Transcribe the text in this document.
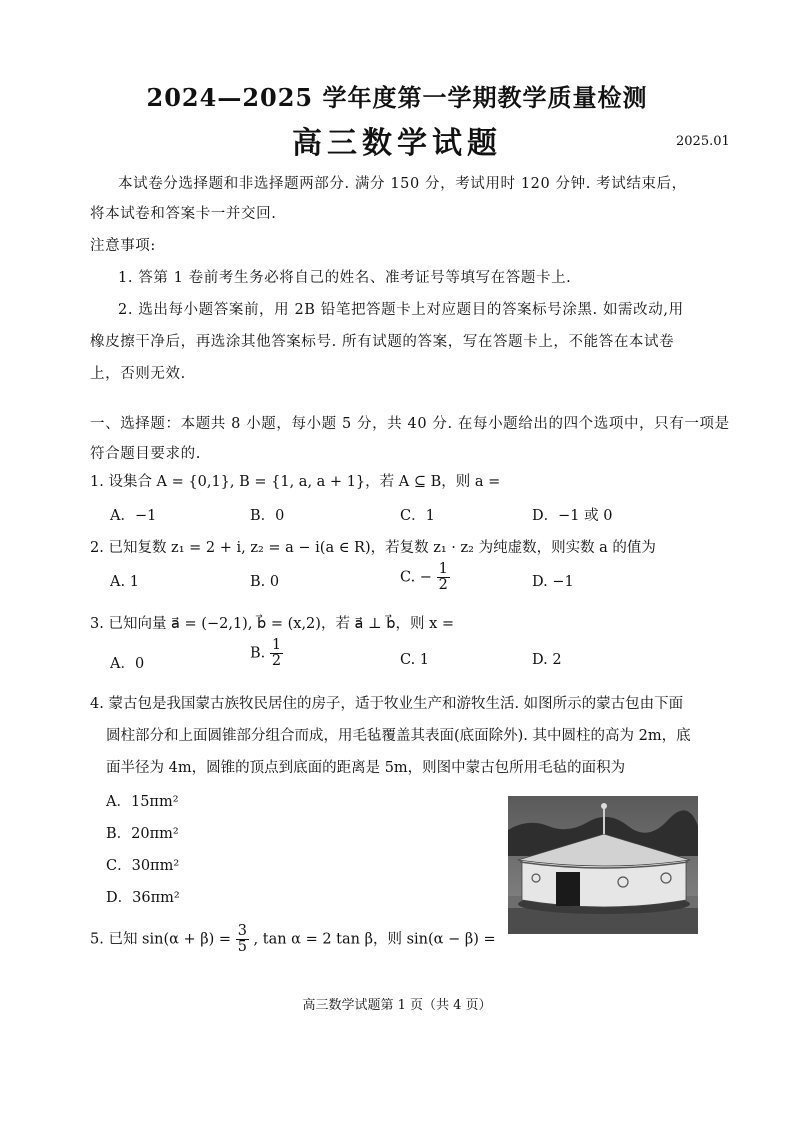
2024—2025 学年度第一学期教学质量检测
高三数学试题	2025.01
本试卷分选择题和非选择题两部分. 满分 150 分，考试用时 120 分钟. 考试结束后，
将本试卷和答案卡一并交回.
注意事项:
1. 答第 1 卷前考生务必将自己的姓名、准考证号等填写在答题卡上.
2. 选出每小题答案前，用 2B 铅笔把答题卡上对应题目的答案标号涂黑. 如需改动,用
橡皮擦干净后，再选涂其他答案标号. 所有试题的答案，写在答题卡上，不能答在本试卷
上，否则无效.
一、选择题：本题共 8 小题，每小题 5 分，共 40 分. 在每小题给出的四个选项中，只有一项是
符合题目要求的.
1. 设集合 A = {0,1}, B = {1, a, a + 1}，若 A ⊆ B，则 a =
A．−1	B．0	C．1	D．−1 或 0
2. 已知复数 z₁ = 2 + i, z₂ = a − i(a ∈ R)，若复数 z₁ · z₂ 为纯虚数，则实数 a 的值为
A. 1	B. 0	C. − $\frac{1}{2}$	D. −1
3. 已知向量 a⃗ = (−2,1), b⃗ = (x,2)，若 a⃗ ⊥ b⃗，则 x =
A．0
B. $\frac{1}{2}$	C. 1	D. 2
4. 蒙古包是我国蒙古族牧民居住的房子，适于牧业生产和游牧生活. 如图所示的蒙古包由下面
圆柱部分和上面圆锥部分组合而成，用毛毡覆盖其表面(底面除外). 其中圆柱的高为 2m，底
面半径为 4m，圆锥的顶点到底面的距离是 5m，则图中蒙古包所用毛毡的面积为
A．15πm²
B．20πm²
C．30πm²
D．36πm²
5. 已知 $\sin(\alpha + \beta) = \frac{3}{5}$ , tan α = 2 tan β，则 sin(α − β) =
高三数学试题第 1 页（共 4 页）
